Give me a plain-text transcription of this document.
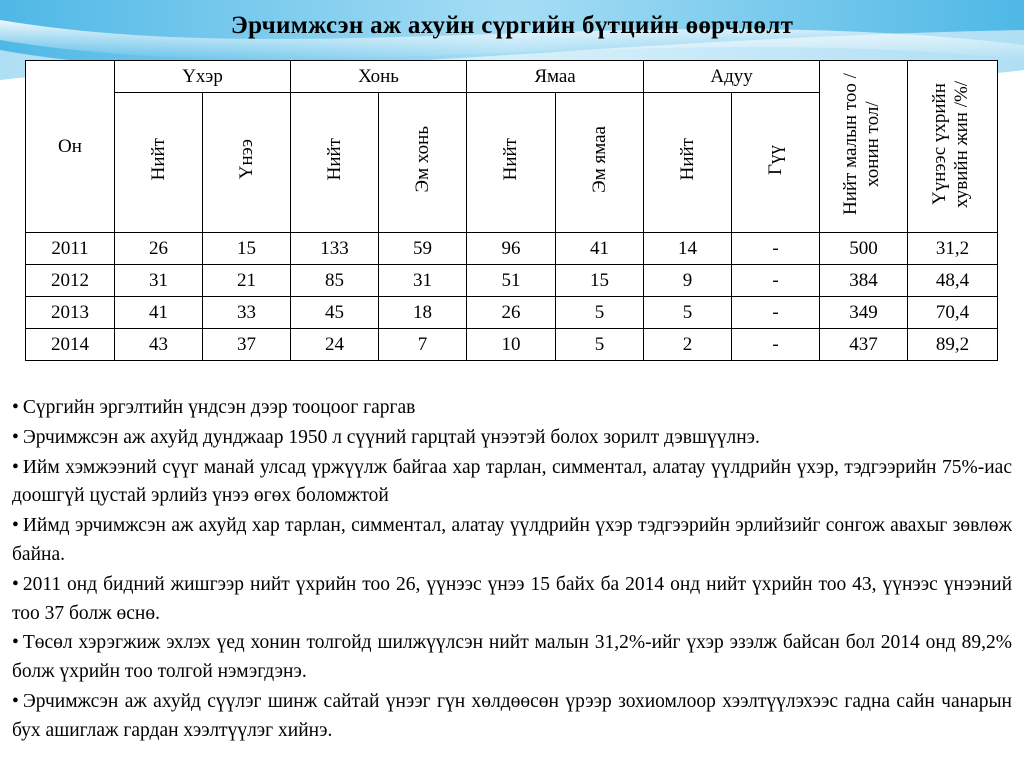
Эрчимжсэн аж ахуйн сүргийн бүтцийн өөрчлөлт
Он	Үхэр		Хонь		Ямаа		Адуу		Нийт малын тоо /хонин тол/	Үүнээс үхрийн хувийн жин /%/
	Нийт	Үнээ	Нийт	Эм хонь	Нийт	Эм ямаа	Нийт	Гүү		
2011	26	15	133	59	96	41	14	-	500	31,2
2012	31	21	85	31	51	15	9	-	384	48,4
2013	41	33	45	18	26	5	5	-	349	70,4
2014	43	37	24	7	10	5	2	-	437	89,2
• Сүргийн эргэлтийн үндсэн дээр тооцоог гаргав
• Эрчимжсэн аж ахуйд дунджаар 1950 л сүүний гарцтай үнээтэй болох зорилт дэвшүүлнэ.
• Ийм хэмжээний сүүг манай улсад үржүүлж байгаа хар тарлан, симментал, алатау үүлдрийн үхэр, тэдгээрийн 75%-иас доошгүй цустай эрлийз үнээ өгөх боломжтой
• Иймд эрчимжсэн аж ахуйд хар тарлан, симментал, алатау үүлдрийн үхэр тэдгээрийн эрлийзийг сонгож авахыг зөвлөж байна.
• 2011 онд бидний жишгээр нийт үхрийн тоо 26, үүнээс үнээ 15 байх ба 2014 онд нийт үхрийн тоо 43, үүнээс үнээний тоо 37 болж өснө.
• Төсөл хэрэгжиж эхлэх үед хонин толгойд шилжүүлсэн нийт малын 31,2%-ийг үхэр эзэлж байсан бол 2014 онд 89,2% болж үхрийн тоо толгой нэмэгдэнэ.
• Эрчимжсэн аж ахуйд сүүлэг шинж сайтай үнээг гүн хөлдөөсөн үрээр зохиомлоор хээлтүүлэхээс гадна сайн чанарын бух ашиглаж гардан хээлтүүлэг хийнэ.
